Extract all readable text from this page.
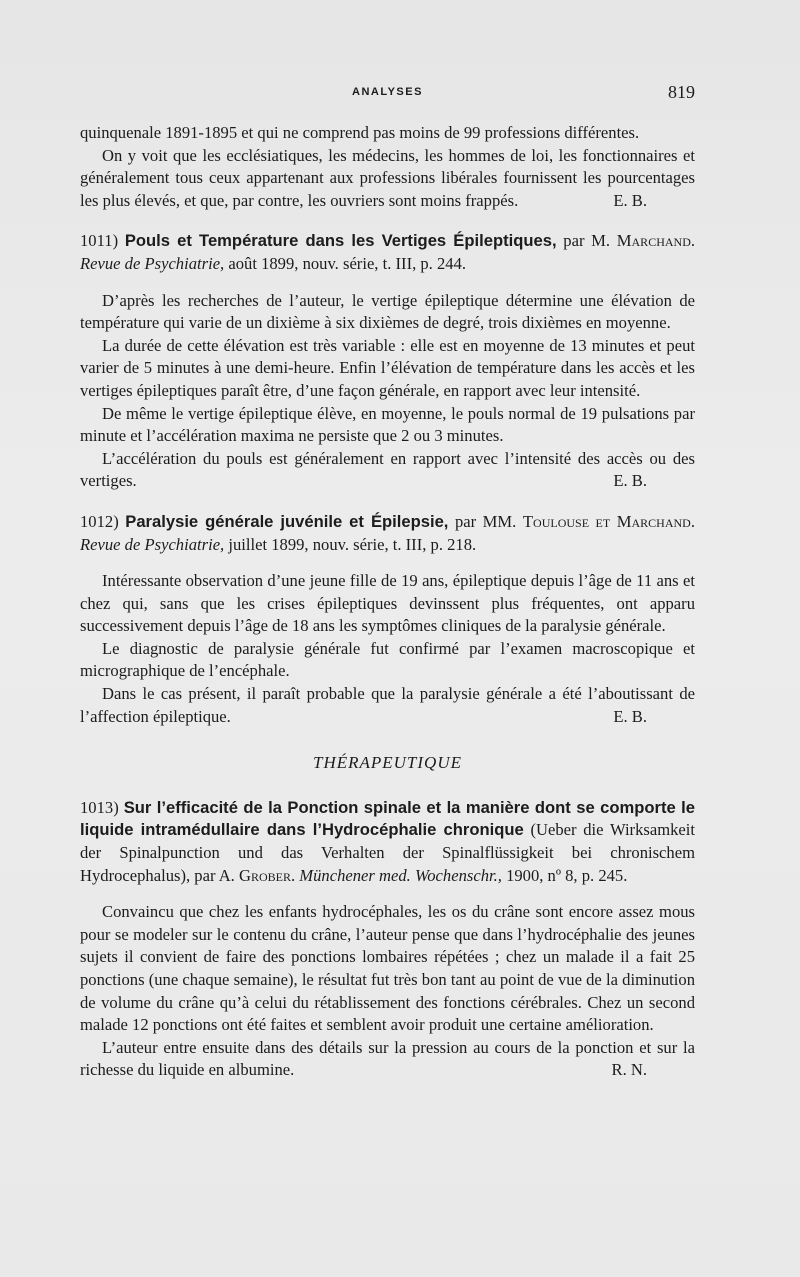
ANALYSES	819

quinquenale 1891-1895 et qui ne comprend pas moins de 99 professions différentes.

On y voit que les ecclésiatiques, les médecins, les hommes de loi, les fonctionnaires et généralement tous ceux appartenant aux professions libérales fournissent les pourcentages les plus élevés, et que, par contre, les ouvriers sont moins frappés.	E. B.

1011) Pouls et Température dans les Vertiges Épileptiques, par M. Marchand. Revue de Psychiatrie, août 1899, nouv. série, t. III, p. 244.

D’après les recherches de l’auteur, le vertige épileptique détermine une élévation de température qui varie de un dixième à six dixièmes de degré, trois dixièmes en moyenne.

La durée de cette élévation est très variable : elle est en moyenne de 13 minutes et peut varier de 5 minutes à une demi-heure. Enfin l’élévation de température dans les accès et les vertiges épileptiques paraît être, d’une façon générale, en rapport avec leur intensité.

De même le vertige épileptique élève, en moyenne, le pouls normal de 19 pulsations par minute et l’accélération maxima ne persiste que 2 ou 3 minutes.

L’accélération du pouls est généralement en rapport avec l’intensité des accès ou des vertiges.	E. B.

1012) Paralysie générale juvénile et Épilepsie, par MM. Toulouse et Marchand. Revue de Psychiatrie, juillet 1899, nouv. série, t. III, p. 218.

Intéressante observation d’une jeune fille de 19 ans, épileptique depuis l’âge de 11 ans et chez qui, sans que les crises épileptiques devinssent plus fréquentes, ont apparu successivement depuis l’âge de 18 ans les symptômes cliniques de la paralysie générale.

Le diagnostic de paralysie générale fut confirmé par l’examen macroscopique et micrographique de l’encéphale.

Dans le cas présent, il paraît probable que la paralysie générale a été l’aboutissant de l’affection épileptique.	E. B.

THÉRAPEUTIQUE

1013) Sur l’efficacité de la Ponction spinale et la manière dont se comporte le liquide intramédullaire dans l’Hydrocéphalie chronique (Ueber die Wirksamkeit der Spinalpunction und das Verhalten der Spinalflüssigkeit bei chronischem Hydrocephalus), par A. Grober. Münchener med. Wochenschr., 1900, nº 8, p. 245.

Convaincu que chez les enfants hydrocéphales, les os du crâne sont encore assez mous pour se modeler sur le contenu du crâne, l’auteur pense que dans l’hydrocéphalie des jeunes sujets il convient de faire des ponctions lombaires répétées ; chez un malade il a fait 25 ponctions (une chaque semaine), le résultat fut très bon tant au point de vue de la diminution de volume du crâne qu’à celui du rétablissement des fonctions cérébrales. Chez un second malade 12 ponctions ont été faites et semblent avoir produit une certaine amélioration.

L’auteur entre ensuite dans des détails sur la pression au cours de la ponction et sur la richesse du liquide en albumine.	R. N.
